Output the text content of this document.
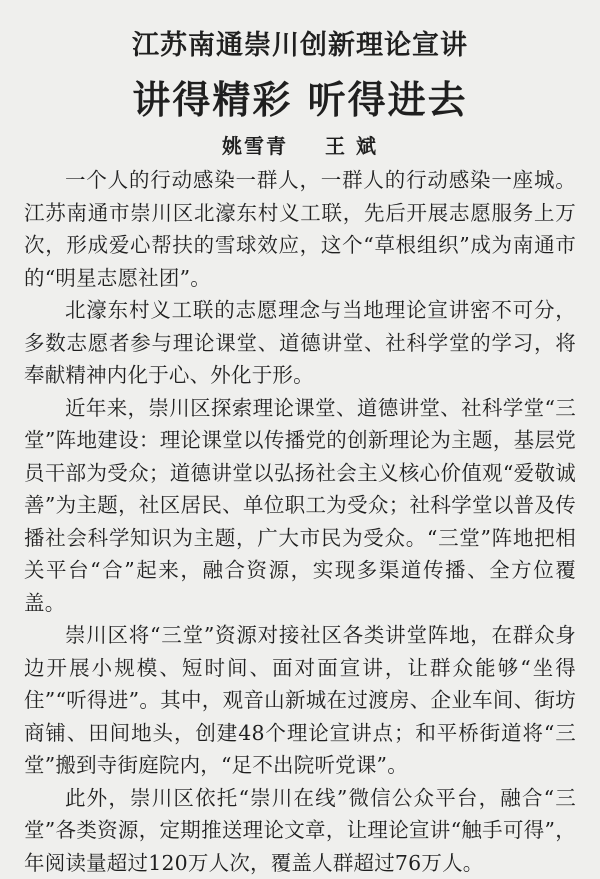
江苏南通崇川创新理论宣讲
讲得精彩 听得进去
姚雪青 王 斌

一个人的行动感染一群人，一群人的行动感染一座城。江苏南通市崇川区北濠东村义工联，先后开展志愿服务上万次，形成爱心帮扶的雪球效应，这个“草根组织”成为南通市的“明星志愿社团”。

北濠东村义工联的志愿理念与当地理论宣讲密不可分，多数志愿者参与理论课堂、道德讲堂、社科学堂的学习，将奉献精神内化于心、外化于形。

近年来，崇川区探索理论课堂、道德讲堂、社科学堂“三堂”阵地建设：理论课堂以传播党的创新理论为主题，基层党员干部为受众；道德讲堂以弘扬社会主义核心价值观“爱敬诚善”为主题，社区居民、单位职工为受众；社科学堂以普及传播社会科学知识为主题，广大市民为受众。“三堂”阵地把相关平台“合”起来，融合资源，实现多渠道传播、全方位覆盖。

崇川区将“三堂”资源对接社区各类讲堂阵地，在群众身边开展小规模、短时间、面对面宣讲，让群众能够“坐得住”“听得进”。其中，观音山新城在过渡房、企业车间、街坊商铺、田间地头，创建48个理论宣讲点；和平桥街道将“三堂”搬到寺街庭院内，“足不出院听党课”。

此外，崇川区依托“崇川在线”微信公众平台，融合“三堂”各类资源，定期推送理论文章，让理论宣讲“触手可得”，年阅读量超过120万人次，覆盖人群超过76万人。
